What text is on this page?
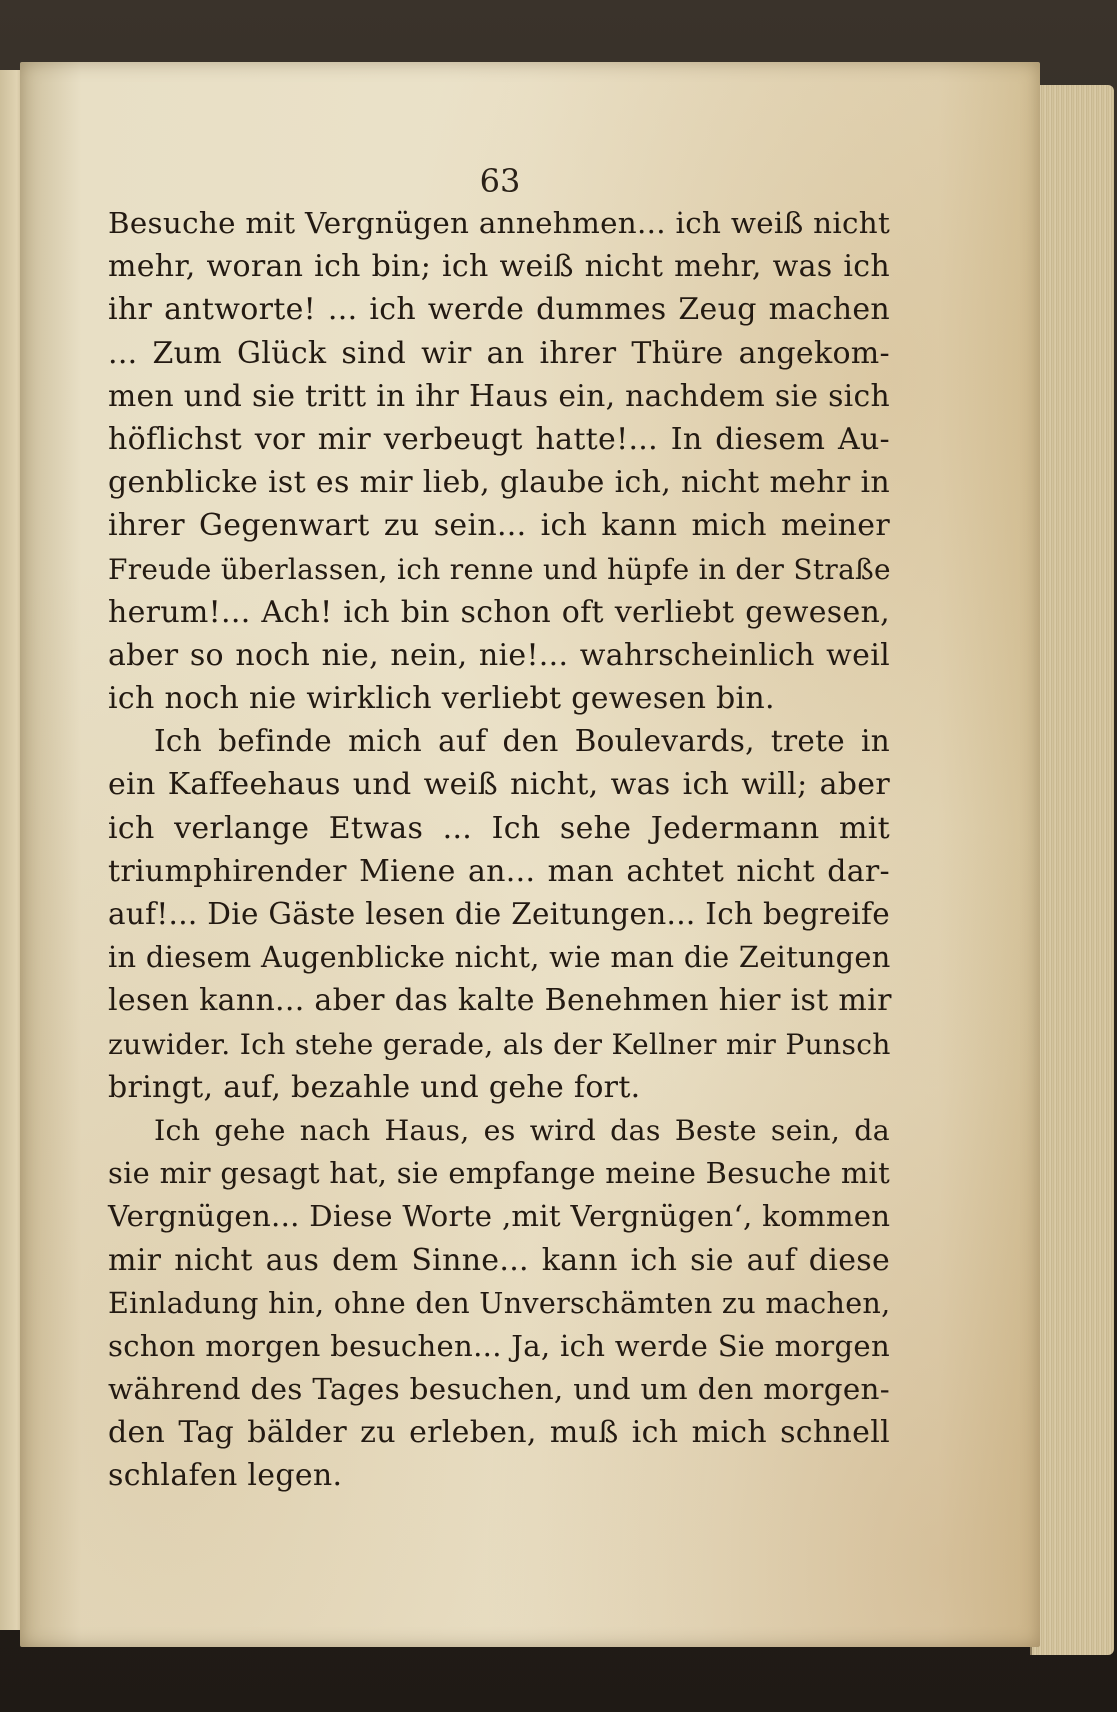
63
Besuche mit Vergnügen annehmen... ich weiß nicht
mehr, woran ich bin; ich weiß nicht mehr, was ich
ihr antworte! ... ich werde dummes Zeug machen
... Zum Glück sind wir an ihrer Thüre angekom-
men und sie tritt in ihr Haus ein, nachdem sie sich
höflichst vor mir verbeugt hatte!... In diesem Au-
genblicke ist es mir lieb, glaube ich, nicht mehr in
ihrer Gegenwart zu sein... ich kann mich meiner
Freude überlassen, ich renne und hüpfe in der Straße
herum!... Ach! ich bin schon oft verliebt gewesen,
aber so noch nie, nein, nie!... wahrscheinlich weil
ich noch nie wirklich verliebt gewesen bin.
Ich befinde mich auf den Boulevards, trete in
ein Kaffeehaus und weiß nicht, was ich will; aber
ich verlange Etwas ... Ich sehe Jedermann mit
triumphirender Miene an... man achtet nicht dar-
auf!... Die Gäste lesen die Zeitungen... Ich begreife
in diesem Augenblicke nicht, wie man die Zeitungen
lesen kann... aber das kalte Benehmen hier ist mir
zuwider. Ich stehe gerade, als der Kellner mir Punsch
bringt, auf, bezahle und gehe fort.
Ich gehe nach Haus, es wird das Beste sein, da
sie mir gesagt hat, sie empfange meine Besuche mit
Vergnügen... Diese Worte ‚mit Vergnügen‘, kommen
mir nicht aus dem Sinne... kann ich sie auf diese
Einladung hin, ohne den Unverschämten zu machen,
schon morgen besuchen... Ja, ich werde Sie morgen
während des Tages besuchen, und um den morgen-
den Tag bälder zu erleben, muß ich mich schnell
schlafen legen.
